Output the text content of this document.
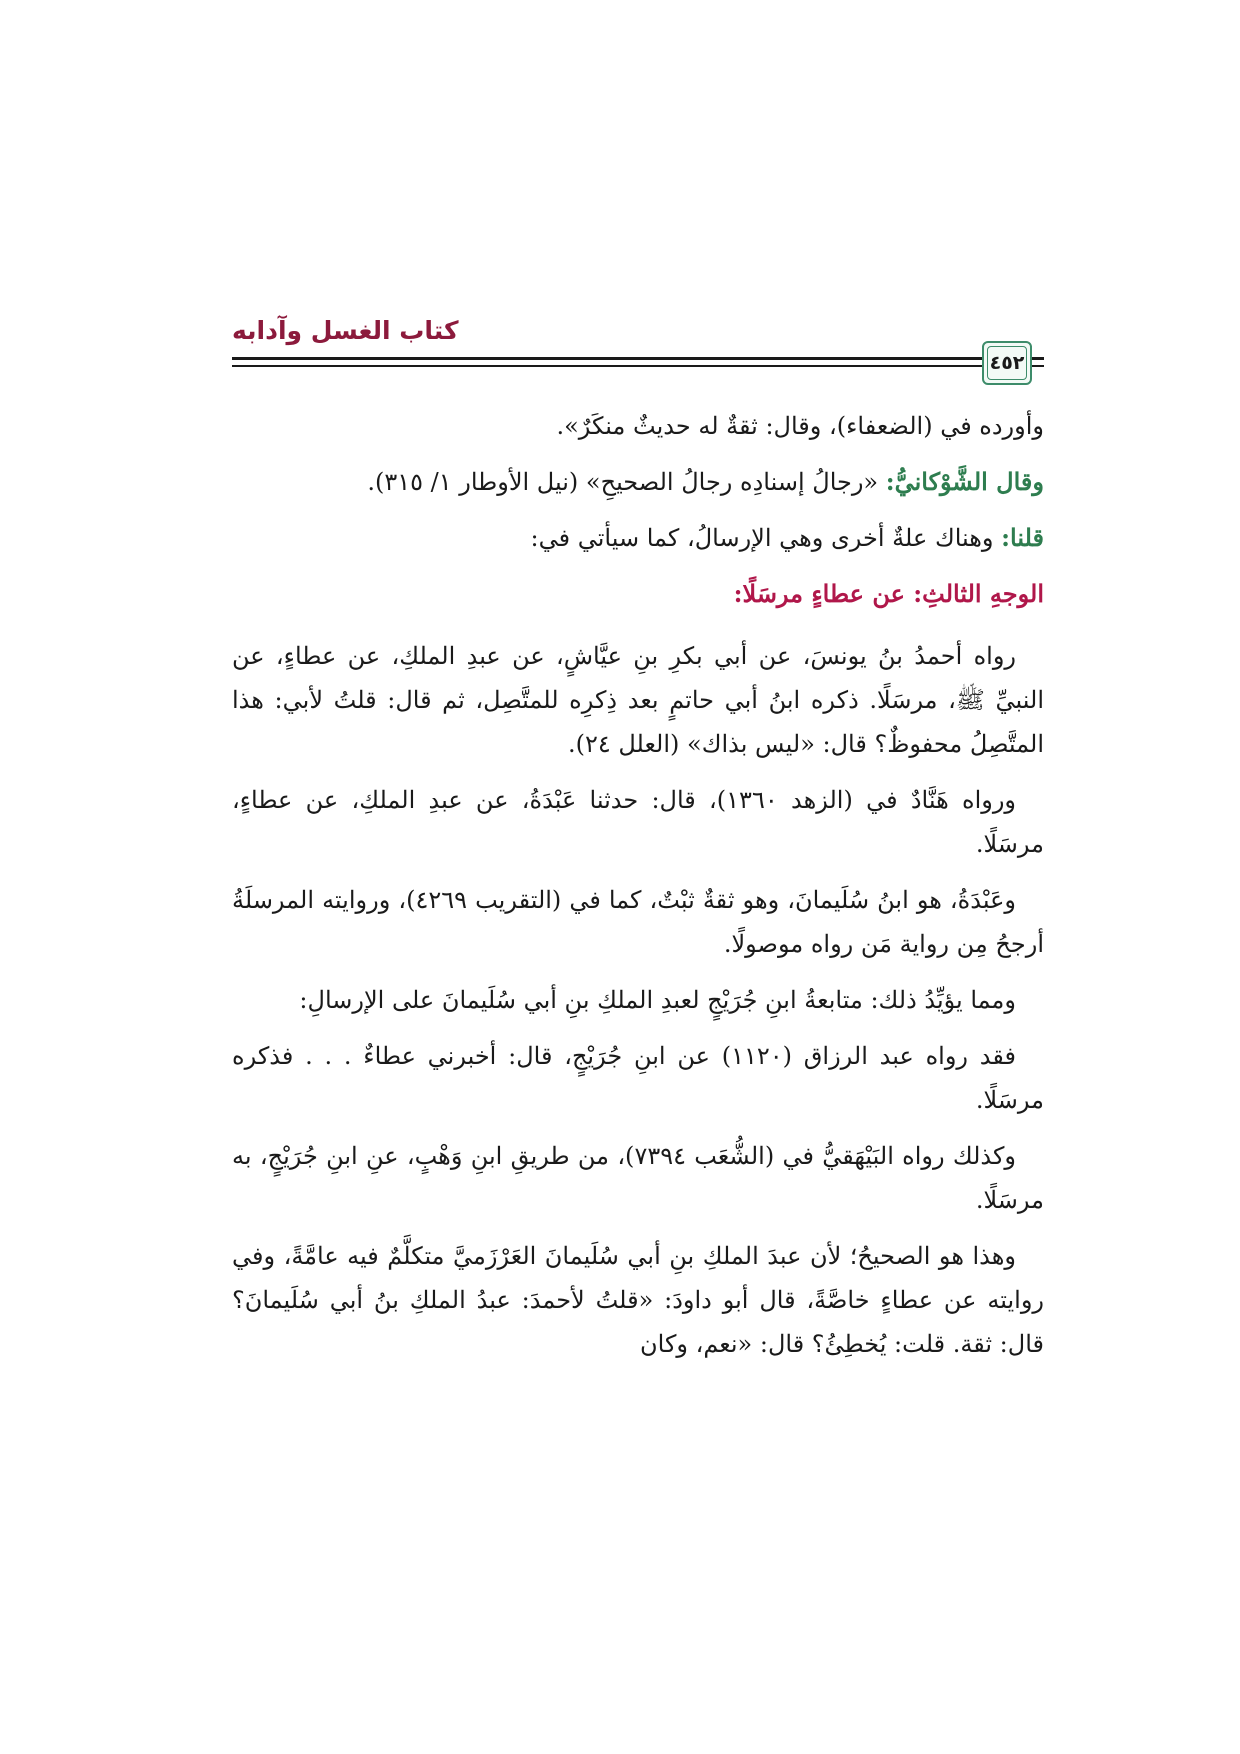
كتاب الغسل وآدابه
٤٥٢

وأورده في (الضعفاء)، وقال: ثقةٌ له حديثٌ منكَرٌ».

وقال الشَّوْكانيُّ: «رجالُ إسنادِه رجالُ الصحيحِ» (نيل الأوطار ١/ ٣١٥).

قلنا: وهناك علةٌ أخرى وهي الإرسالُ، كما سيأتي في:

الوجهِ الثالثِ: عن عطاءٍ مرسَلًا:

رواه أحمدُ بنُ يونسَ، عن أبي بكرِ بنِ عيَّاشٍ، عن عبدِ الملكِ، عن عطاءٍ، عن النبيِّ ﷺ، مرسَلًا. ذكره ابنُ أبي حاتمٍ بعد ذِكرِه للمتَّصِل، ثم قال: قلتُ لأبي: هذا المتَّصِلُ محفوظٌ؟ قال: «ليس بذاك» (العلل ٢٤).

ورواه هَنَّادٌ في (الزهد ١٣٦٠)، قال: حدثنا عَبْدَةُ، عن عبدِ الملكِ، عن عطاءٍ، مرسَلًا.

وعَبْدَةُ، هو ابنُ سُلَيمانَ، وهو ثقةٌ ثبْتٌ، كما في (التقريب ٤٢٦٩)، وروايته المرسلَةُ أرجحُ مِن رواية مَن رواه موصولًا.

ومما يؤيِّدُ ذلك: متابعةُ ابنِ جُرَيْجٍ لعبدِ الملكِ بنِ أبي سُلَيمانَ على الإرسالِ:

فقد رواه عبد الرزاق (١١٢٠) عن ابنِ جُرَيْجٍ، قال: أخبرني عطاءٌ . . . فذكره مرسَلًا.

وكذلك رواه البَيْهَقيُّ في (الشُّعَب ٧٣٩٤)، من طريقِ ابنِ وَهْبٍ، عنِ ابنِ جُرَيْجٍ، به مرسَلًا.

وهذا هو الصحيحُ؛ لأن عبدَ الملكِ بنِ أبي سُلَيمانَ العَرْزَميَّ متكلَّمٌ فيه عامَّةً، وفي روايته عن عطاءٍ خاصَّةً، قال أبو داودَ: «قلتُ لأحمدَ: عبدُ الملكِ بنُ أبي سُلَيمانَ؟ قال: ثقة. قلت: يُخطِئُ؟ قال: «نعم، وكان
